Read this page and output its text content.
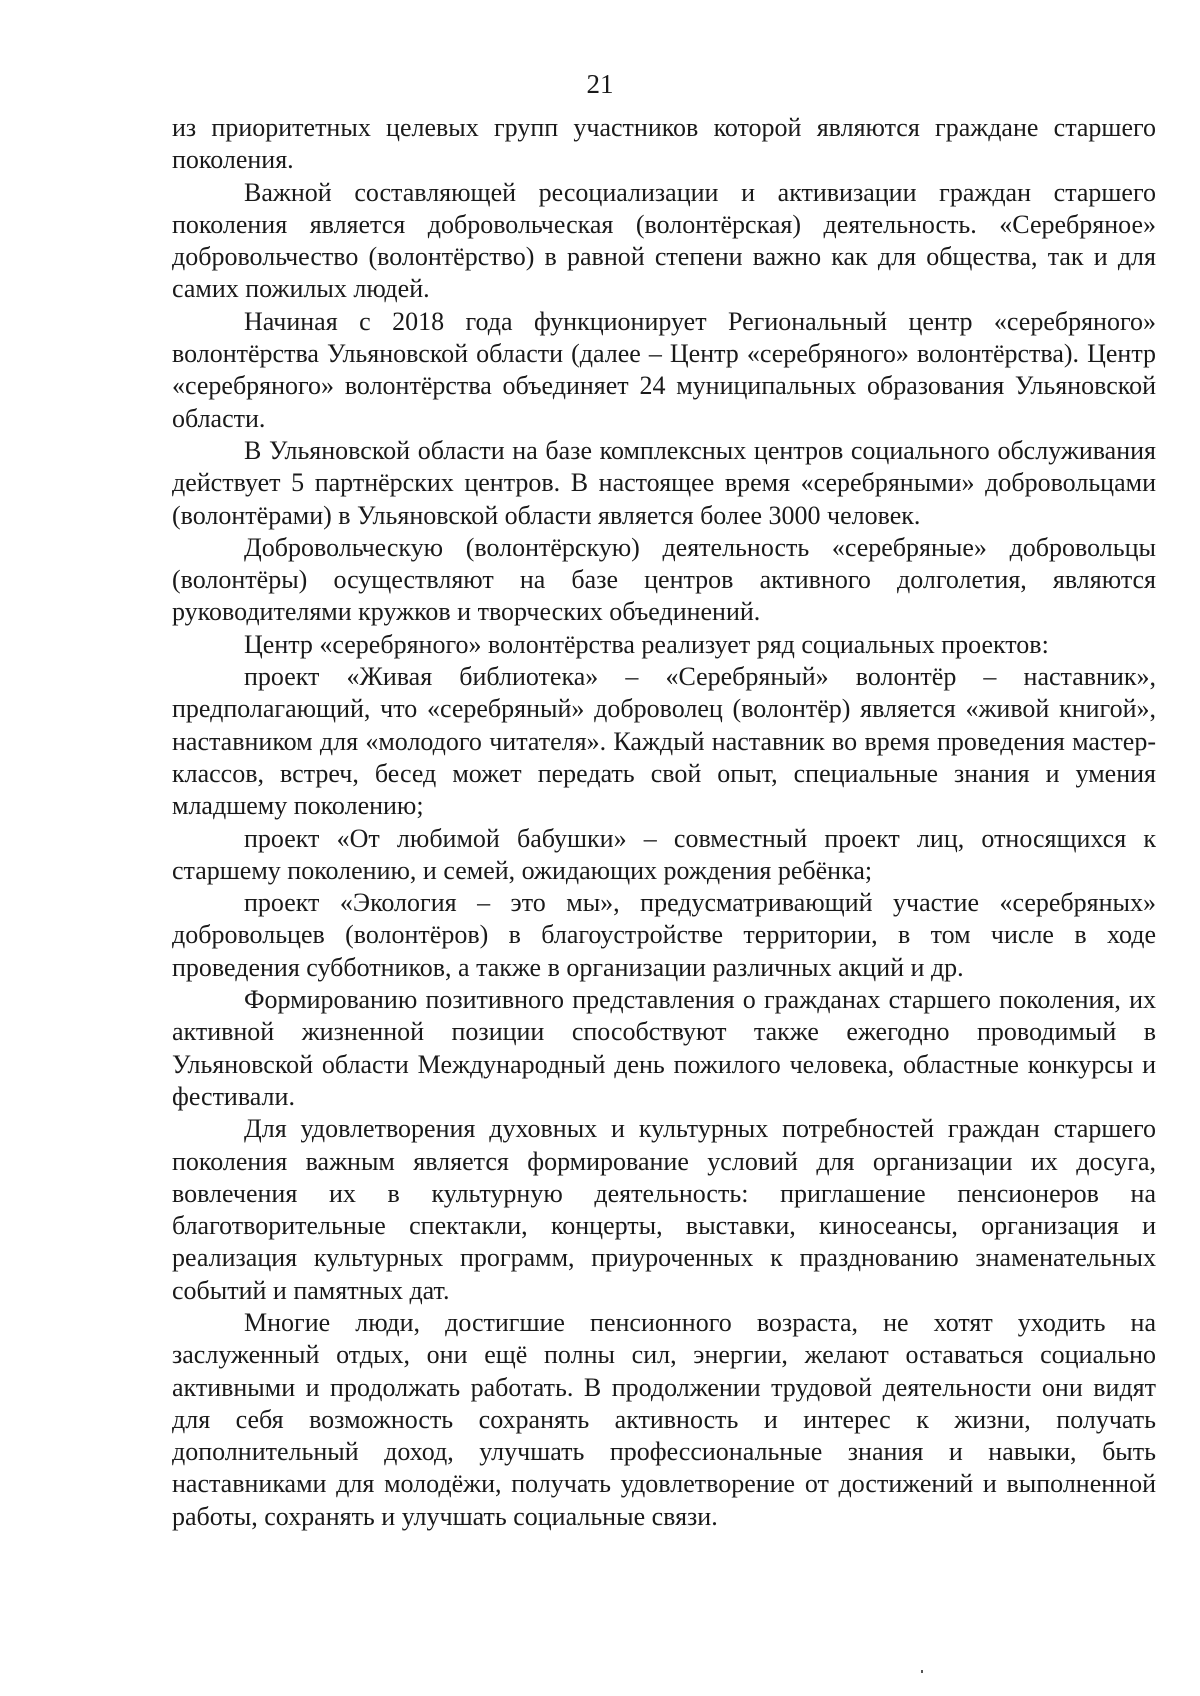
21

из приоритетных целевых групп участников которой являются граждане старшего поколения.

Важной составляющей ресоциализации и активизации граждан старшего поколения является добровольческая (волонтёрская) деятельность. «Серебряное» добровольчество (волонтёрство) в равной степени важно как для общества, так и для самих пожилых людей.

Начиная с 2018 года функционирует Региональный центр «серебряного» волонтёрства Ульяновской области (далее – Центр «серебряного» волонтёрства). Центр «серебряного» волонтёрства объединяет 24 муниципальных образования Ульяновской области.

В Ульяновской области на базе комплексных центров социального обслуживания действует 5 партнёрских центров. В настоящее время «серебряными» добровольцами (волонтёрами) в Ульяновской области является более 3000 человек.

Добровольческую (волонтёрскую) деятельность «серебряные» добровольцы (волонтёры) осуществляют на базе центров активного долголетия, являются руководителями кружков и творческих объединений.

Центр «серебряного» волонтёрства реализует ряд социальных проектов:

проект «Живая библиотека» – «Серебряный» волонтёр – наставник», предполагающий, что «серебряный» доброволец (волонтёр) является «живой книгой», наставником для «молодого читателя». Каждый наставник во время проведения мастер-классов, встреч, бесед может передать свой опыт, специальные знания и умения младшему поколению;

проект «От любимой бабушки» – совместный проект лиц, относящихся к старшему поколению, и семей, ожидающих рождения ребёнка;

проект «Экология – это мы», предусматривающий участие «серебряных» добровольцев (волонтёров) в благоустройстве территории, в том числе в ходе проведения субботников, а также в организации различных акций и др.

Формированию позитивного представления о гражданах старшего поколения, их активной жизненной позиции способствуют также ежегодно проводимый в Ульяновской области Международный день пожилого человека, областные конкурсы и фестивали.

Для удовлетворения духовных и культурных потребностей граждан старшего поколения важным является формирование условий для организации их досуга, вовлечения их в культурную деятельность: приглашение пенсионеров на благотворительные спектакли, концерты, выставки, киносеансы, организация и реализация культурных программ, приуроченных к празднованию знаменательных событий и памятных дат.

Многие люди, достигшие пенсионного возраста, не хотят уходить на заслуженный отдых, они ещё полны сил, энергии, желают оставаться социально активными и продолжать работать. В продолжении трудовой деятельности они видят для себя возможность сохранять активность и интерес к жизни, получать дополнительный доход, улучшать профессиональные знания и навыки, быть наставниками для молодёжи, получать удовлетворение от достижений и выполненной работы, сохранять и улучшать социальные связи.
